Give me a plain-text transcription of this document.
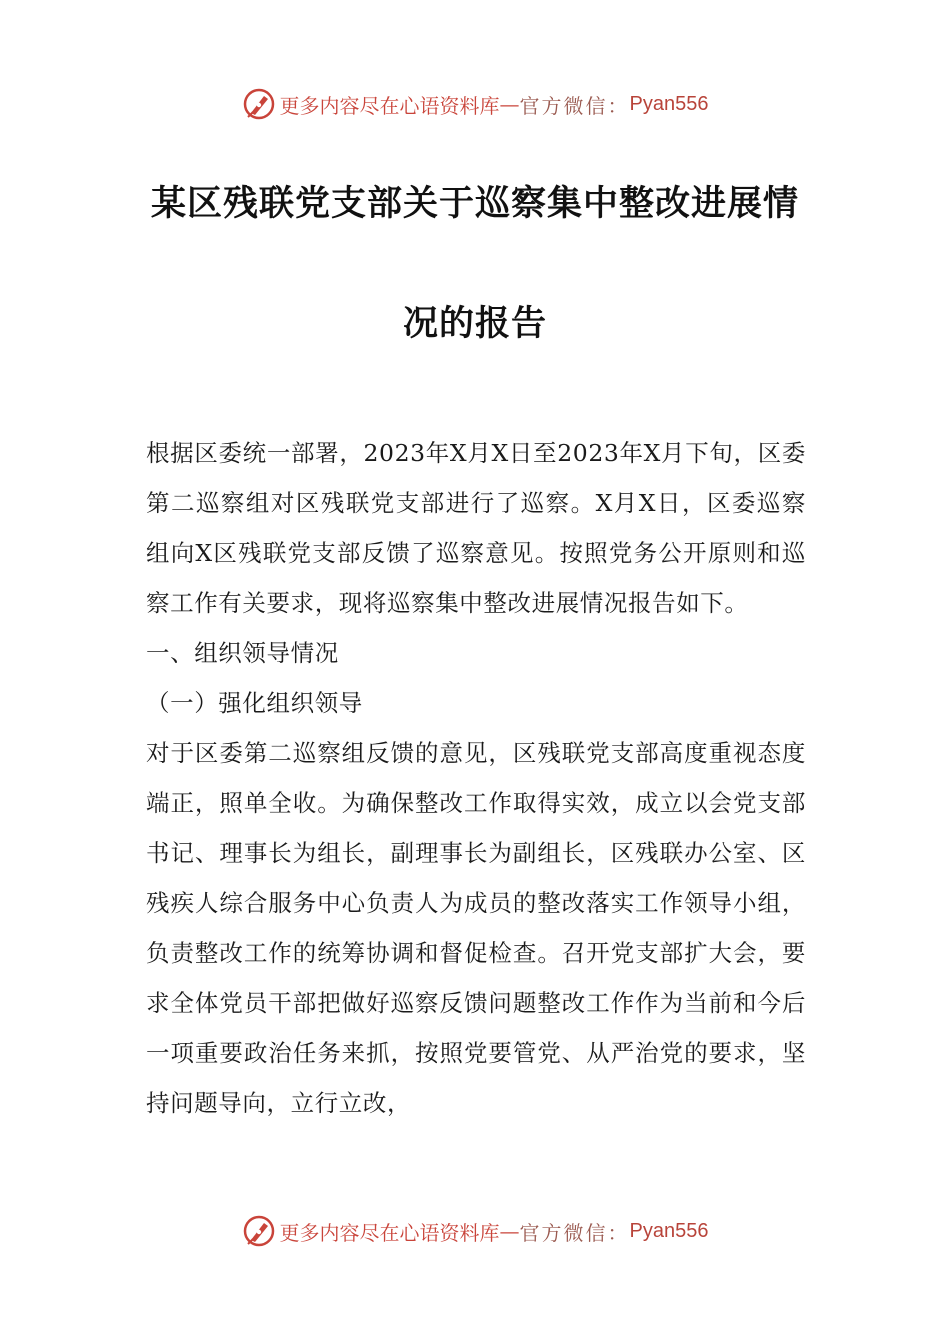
更多内容尽在心语资料库 — 官方微信： Pyan556
某区残联党支部关于巡察集中整改进展情
况的报告

根据区委统一部署，2023年X月X日至2023年X月下旬，区委第二巡察组对区残联党支部进行了巡察。X月X日，区委巡察组向X区残联党支部反馈了巡察意见。按照党务公开原则和巡察工作有关要求，现将巡察集中整改进展情况报告如下。

一、组织领导情况

（一）强化组织领导

对于区委第二巡察组反馈的意见，区残联党支部高度重视态度端正，照单全收。为确保整改工作取得实效，成立以会党支部书记、理事长为组长，副理事长为副组长，区残联办公室、区残疾人综合服务中心负责人为成员的整改落实工作领导小组，负责整改工作的统筹协调和督促检查。召开党支部扩大会，要求全体党员干部把做好巡察反馈问题整改工作作为当前和今后一项重要政治任务来抓，按照党要管党、从严治党的要求，坚持问题导向，立行立改，

更多内容尽在心语资料库 — 官方微信： Pyan556
